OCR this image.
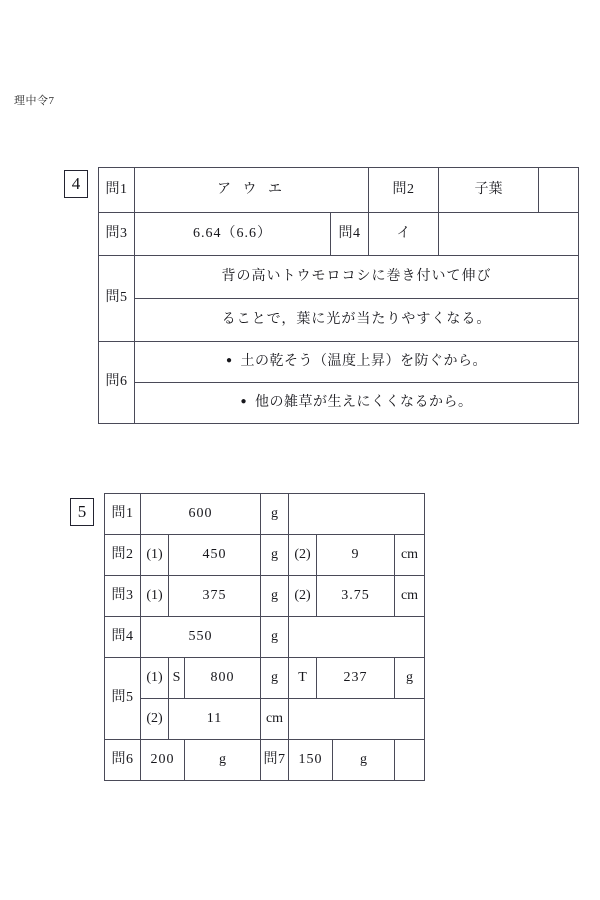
理中令7
4	問1	ア ウ エ		問2	子葉	
問3	6.64（6.6）	問4	イ		
問5	背の高いトウモロコシに巻き付いて伸び				
	ることで，葉に光が当たりやすくなる。				
問6	● 土の乾そう（温度上昇）を防ぐから。				
	● 他の雑草が生えにくくなるから。				
5	問1	600			g				
問2	(1)	450		g	(2)	9		cm
問3	(1)	375		g	(2)	3.75		cm
問4	550			g				
問5	(1)	S	800	g	T	237		g
	(2)	11		cm				
問6	200		g	問7	150		g	
